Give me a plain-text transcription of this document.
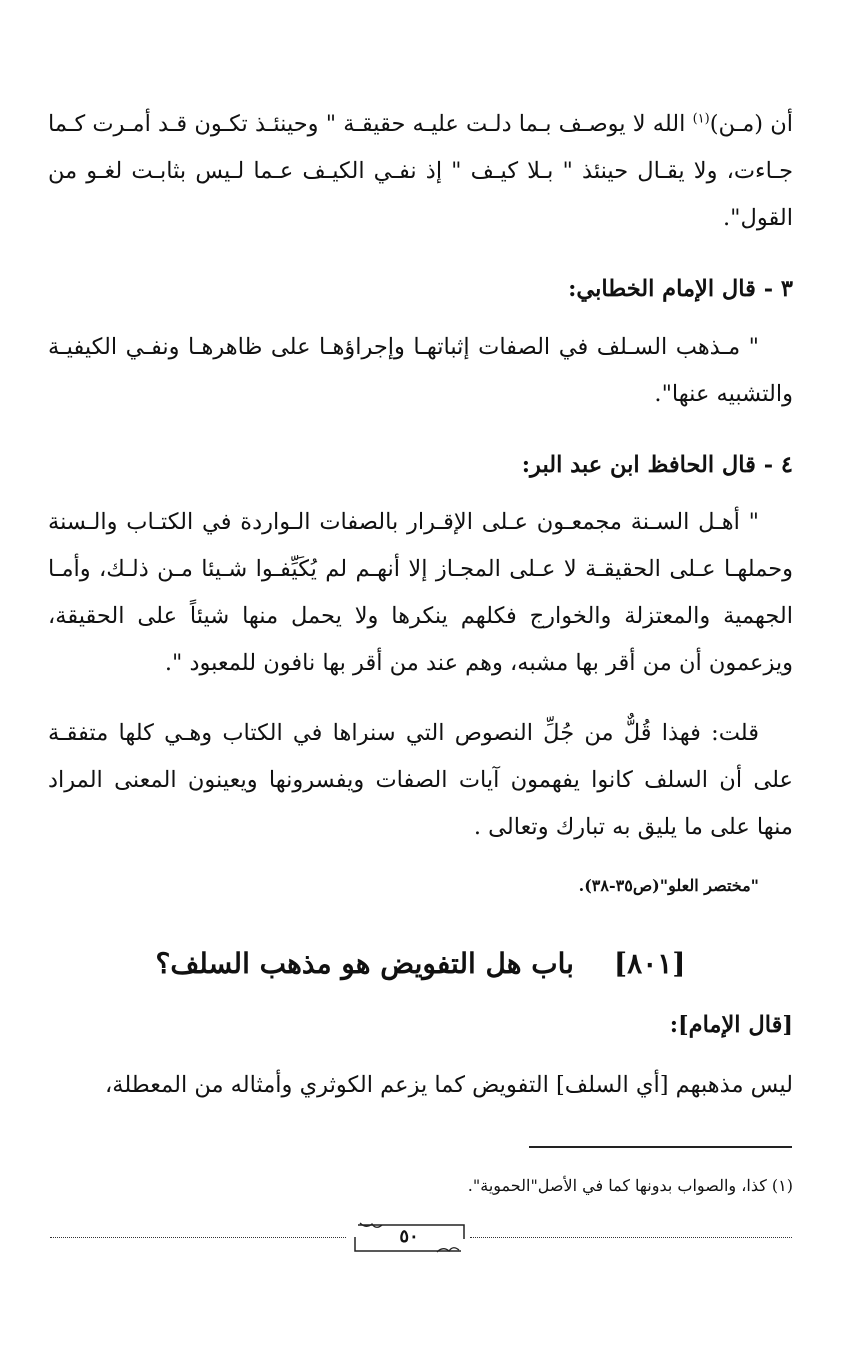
أن (مـن)$^{(١)}$ الله لا يوصـف بـما دلـت عليـه حقيقـة " وحينئـذ تكـون قـد أمـرت كـما جـاءت، ولا يقـال حينئذ " بـلا كيـف " إذ نفـي الكيـف عـما لـيس بثابـت لغـو من القول".
٣ - قال الإمام الخطابي:
" مـذهب السـلف في الصفات إثباتهـا وإجراؤهـا على ظاهرهـا ونفـي الكيفيـة والتشبيه عنها".
٤ - قال الحافظ ابن عبد البر:
" أهـل السـنة مجمعـون عـلى الإقـرار بالصفات الـواردة في الكتـاب والـسنة وحملهـا عـلى الحقيقـة لا عـلى المجـاز إلا أنهـم لم يُكَيِّفـوا شـيئا مـن ذلـك، وأمـا الجهمية والمعتزلة والخوارج فكلهم ينكرها ولا يحمل منها شيئاً على الحقيقة، ويزعمون أن من أقر بها مشبه، وهم عند من أقر بها نافون للمعبود ".
قلت: فهذا قُلٌّ من جُلِّ النصوص التي سنراها في الكتاب وهـي كلها متفقـة على أن السلف كانوا يفهمون آيات الصفات ويفسرونها ويعينون المعنى المراد منها على ما يليق به تبارك وتعالى .
"مختصر العلو"(ص٣٥-٣٨).
[٨٠١]باب هل التفويض هو مذهب السلف؟
[قال الإمام]:
ليس مذهبهم [أي السلف] التفويض كما يزعم الكوثري وأمثاله من المعطلة،
(١) كذا، والصواب بدونها كما في الأصل"الحموية".
٥٠
